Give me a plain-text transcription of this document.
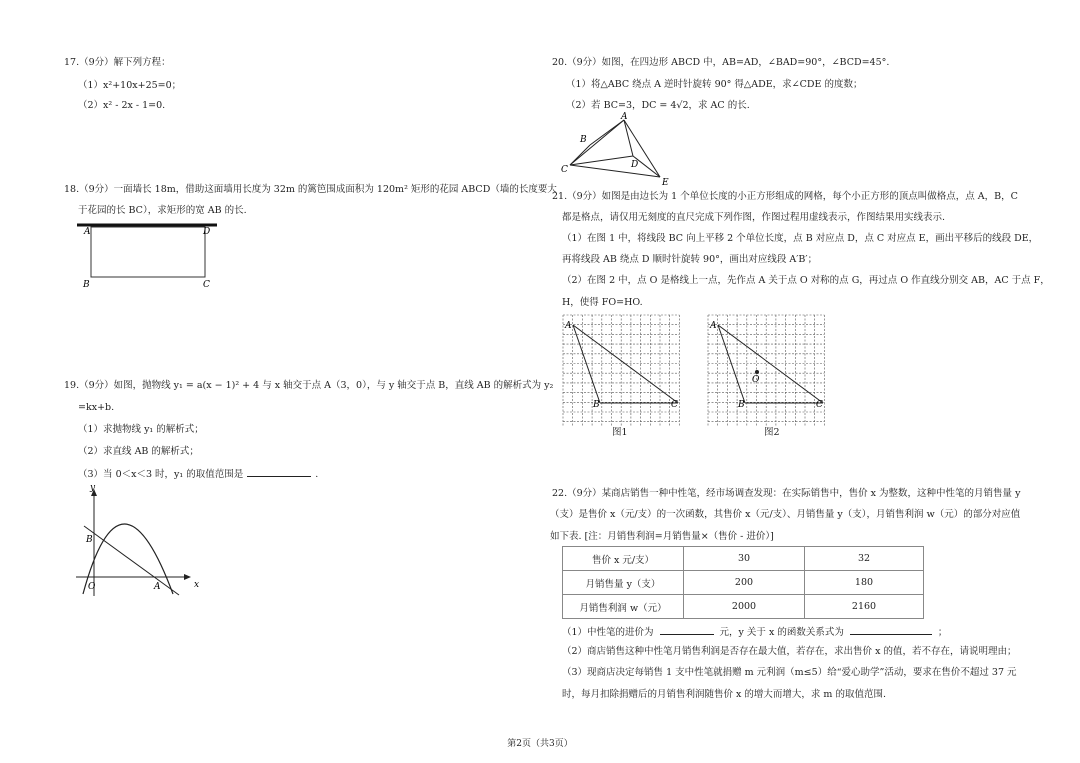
17.（9分）解下列方程：
（1）x²+10x+25=0；
（2）x² - 2x - 1=0.
18.（9分）一面墙长 18m，借助这面墙用长度为 32m 的篱笆围成面积为 120m² 矩形的花园 ABCD（墙的长度要大
于花园的长 BC），求矩形的宽 AB 的长.
A	D
B	C
19.（9分）如图，抛物线 y₁ = a(x − 1)² + 4 与 x 轴交于点 A（3，0），与 y 轴交于点 B，直线 AB 的解析式为 y₂
=kx+b.
（1）求抛物线 y₁ 的解析式；
（2）求直线 AB 的解析式；
（3）当 0＜x＜3 时，y₁ 的取值范围是	.
y
x
O	A
B
20.（9分）如图，在四边形 ABCD 中，AB=AD，∠BAD=90°，∠BCD=45°.
（1）将△ABC 绕点 A 逆时针旋转 90° 得△ADE，求∠CDE 的度数；
（2）若 BC=3，DC = 4√2，求 AC 的长.
A
B
C	D
E
21.（9分）如图是由边长为 1 个单位长度的小正方形组成的网格，每个小正方形的顶点叫做格点，点 A，B，C
都是格点，请仅用无刻度的直尺完成下列作图，作图过程用虚线表示，作图结果用实线表示.
（1）在图 1 中，将线段 BC 向上平移 2 个单位长度，点 B 对应点 D，点 C 对应点 E，画出平移后的线段 DE，
再将线段 AB 绕点 D 顺时针旋转 90°，画出对应线段 A′B′；
（2）在图 2 中，点 O 是格线上一点，先作点 A 关于点 O 对称的点 G，再过点 O 作直线分别交 AB，AC 于点 F，
H，使得 FO=HO.
A
B	C
图1
A
B	C
O
图2
22.（9分）某商店销售一种中性笔，经市场调查发现：在实际销售中，售价 x 为整数，这种中性笔的月销售量 y
（支）是售价 x（元/支）的一次函数，其售价 x（元/支）、月销售量 y（支），月销售利润 w（元）的部分对应值
如下表. [注：月销售利润=月销售量×（售价 - 进价）]
售价 x 元/支）	30	32
月销售量 y（支）	200	180
月销售利润 w（元）	2000	2160
（1）中性笔的进价为	元，y 关于 x 的函数关系式为	；
（2）商店销售这种中性笔月销售利润是否存在最大值，若存在，求出售价 x 的值，若不存在，请说明理由；
（3）现商店决定每销售 1 支中性笔就捐赠 m 元利润（m≤5）给“爱心助学”活动，要求在售价不超过 37 元
时，每月扣除捐赠后的月销售利润随售价 x 的增大而增大，求 m 的取值范围.
第2页（共3页）
